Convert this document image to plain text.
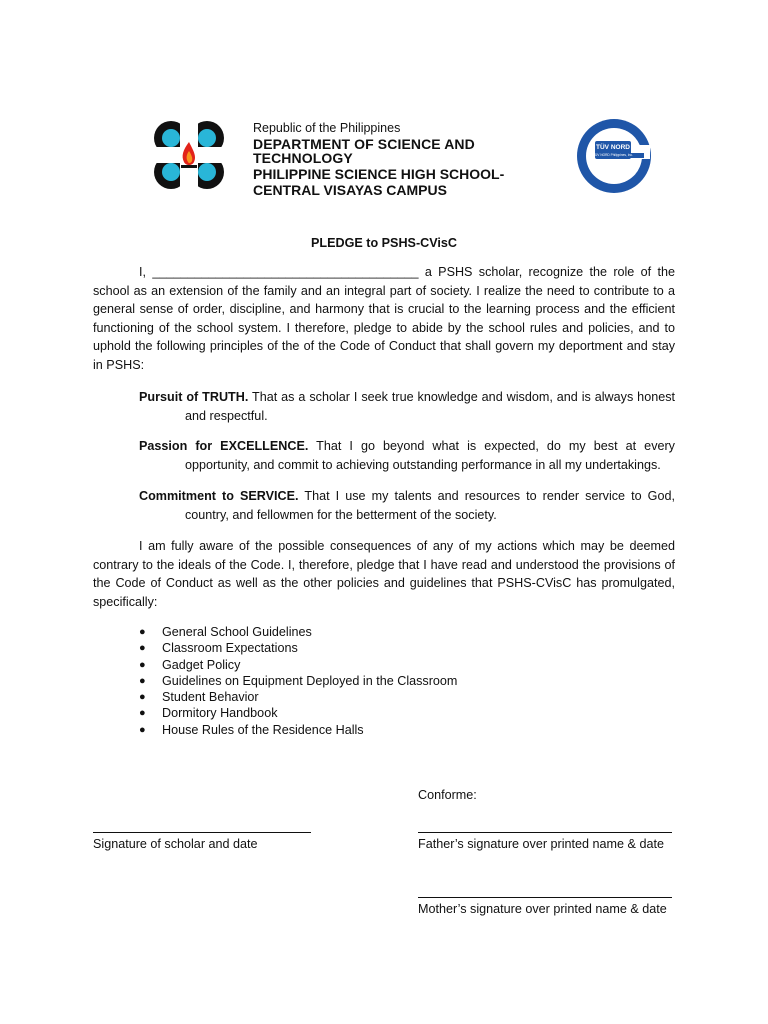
Republic of the Philippines
DEPARTMENT OF SCIENCE AND TECHNOLOGY
PHILIPPINE SCIENCE HIGH SCHOOL-
CENTRAL VISAYAS CAMPUS
TÜV NORD
TÜV NORD Philippines, Inc.
ISO 9001
PLEDGE to PSHS-CVisC
I, ______________________________________ a PSHS scholar, recognize the role of the school as an extension of the family and an integral part of society. I realize the need to contribute to a general sense of order, discipline, and harmony that is crucial to the learning process and the efficient functioning of the school system. I therefore, pledge to abide by the school rules and policies, and to uphold the following principles of the of the Code of Conduct that shall govern my deportment and stay in PSHS:
Pursuit of TRUTH. That as a scholar I seek true knowledge and wisdom, and is always honest and respectful.
Passion for EXCELLENCE. That I go beyond what is expected, do my best at every opportunity, and commit to achieving outstanding performance in all my undertakings.
Commitment to SERVICE. That I use my talents and resources to render service to God, country, and fellowmen for the betterment of the society.
I am fully aware of the possible consequences of any of my actions which may be deemed contrary to the ideals of the Code. I, therefore, pledge that I have read and understood the provisions of the Code of Conduct as well as the other policies and guidelines that PSHS-CVisC has promulgated, specifically:
● General School Guidelines
● Classroom Expectations
● Gadget Policy
● Guidelines on Equipment Deployed in the Classroom
● Student Behavior
● Dormitory Handbook
● House Rules of the Residence Halls
Conforme:
Signature of scholar and date	Father’s signature over printed name & date
Mother’s signature over printed name & date
